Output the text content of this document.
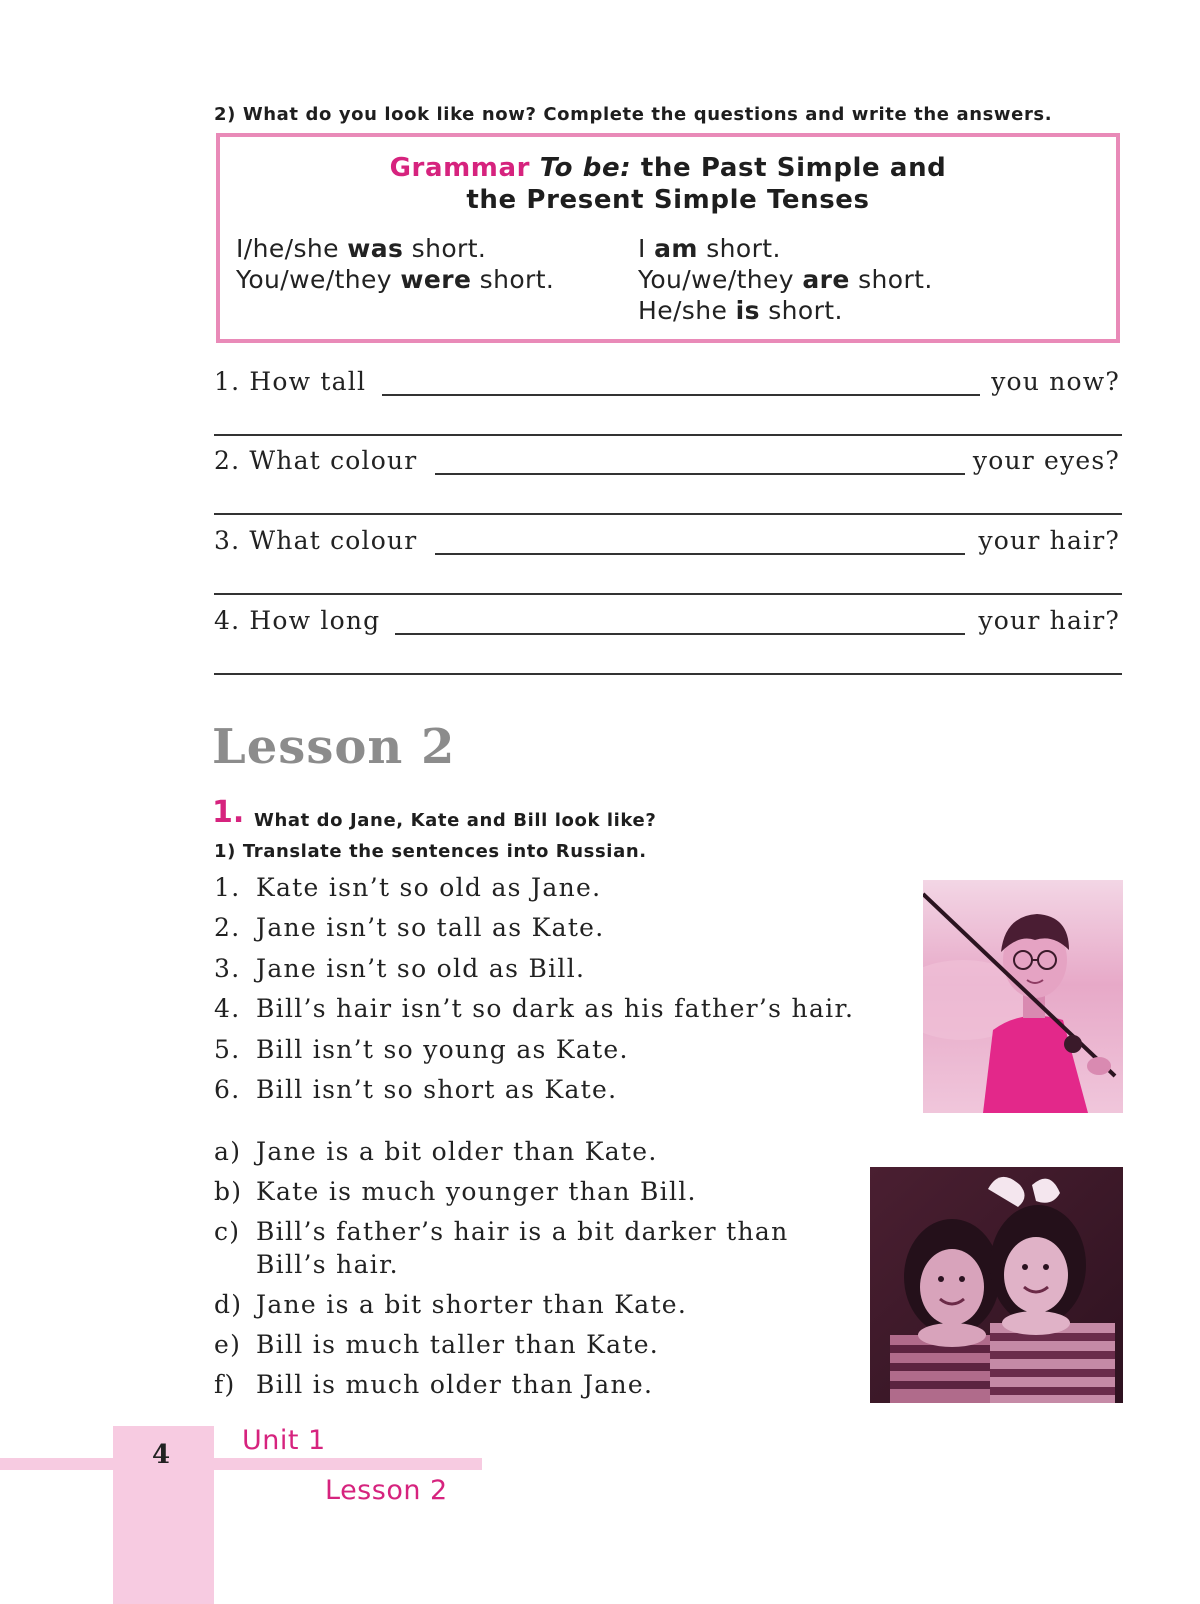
2) What do you look like now? Complete the questions and write the answers.
Grammar To be: the Past Simple and
the Present Simple Tenses
I/he/she was short.
You/we/they were short.
I am short.
You/we/they are short.
He/she is short.
1. How tall	you now?
2. What colour	your eyes?
3. What colour	your hair?
4. How long	your hair?
Lesson 2
1. What do Jane, Kate and Bill look like?
1) Translate the sentences into Russian.
1. Kate isn’t so old as Jane.
2. Jane isn’t so tall as Kate.
3. Jane isn’t so old as Bill.
4. Bill’s hair isn’t so dark as his father’s hair.
5. Bill isn’t so young as Kate.
6. Bill isn’t so short as Kate.
a) Jane is a bit older than Kate.
b) Kate is much younger than Bill.
c) Bill’s father’s hair is a bit darker than
Bill’s hair.
d) Jane is a bit shorter than Kate.
e) Bill is much taller than Kate.
f) Bill is much older than Jane.
4	Unit 1
Lesson 2
